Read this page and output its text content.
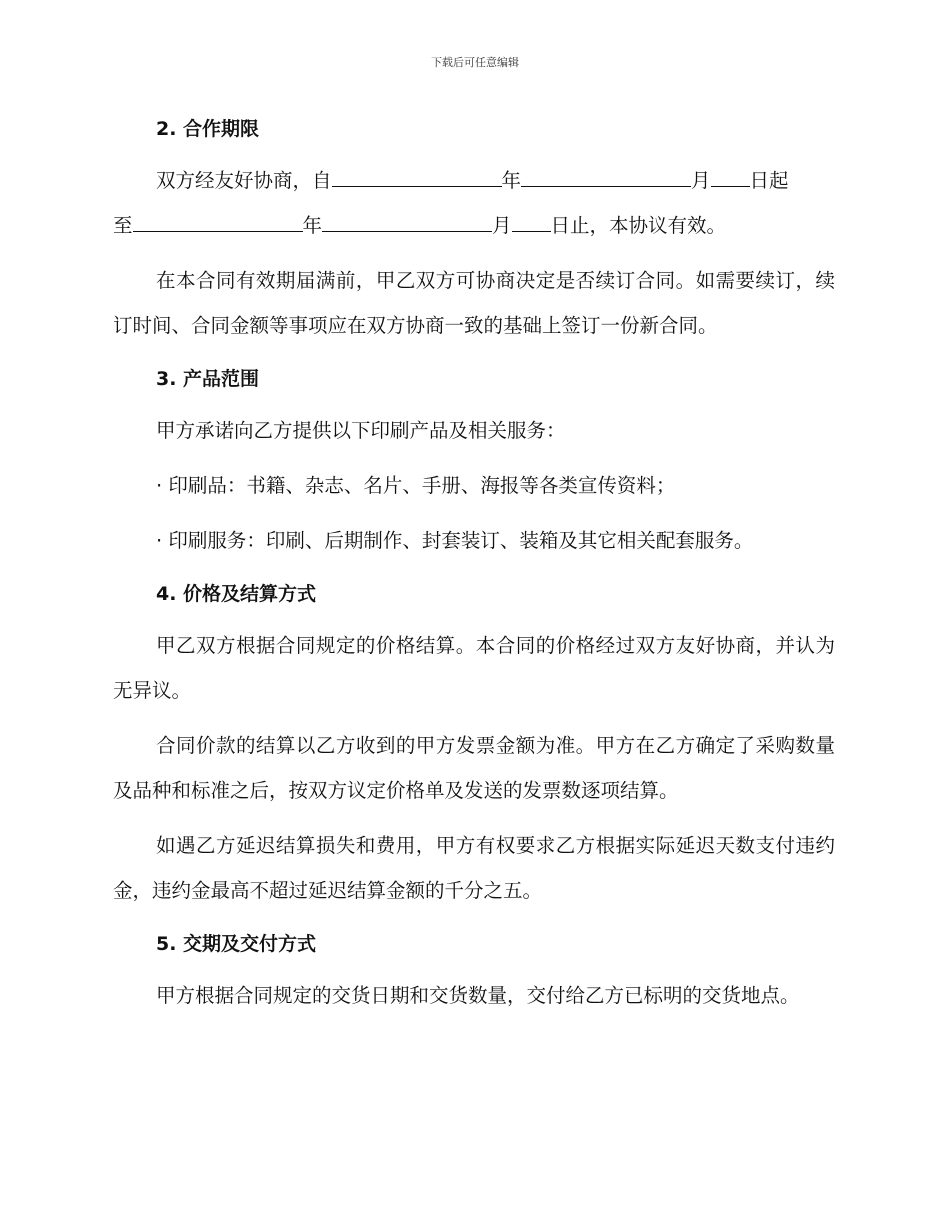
下载后可任意编辑
2. 合作期限

双方经友好协商，自	年	月 日起

至	年	月 日止，本协议有效。

在本合同有效期届满前，甲乙双方可协商决定是否续订合同。如需要续订，续订时间、合同金额等事项应在双方协商一致的基础上签订一份新合同。

3. 产品范围

甲方承诺向乙方提供以下印刷产品及相关服务：

· 印刷品：书籍、杂志、名片、手册、海报等各类宣传资料；

· 印刷服务：印刷、后期制作、封套装订、装箱及其它相关配套服务。

4. 价格及结算方式

甲乙双方根据合同规定的价格结算。本合同的价格经过双方友好协商，并认为无异议。

合同价款的结算以乙方收到的甲方发票金额为准。甲方在乙方确定了采购数量及品种和标准之后，按双方议定价格单及发送的发票数逐项结算。

如遇乙方延迟结算损失和费用，甲方有权要求乙方根据实际延迟天数支付违约金，违约金最高不超过延迟结算金额的千分之五。

5. 交期及交付方式

甲方根据合同规定的交货日期和交货数量，交付给乙方已标明的交货地点。
